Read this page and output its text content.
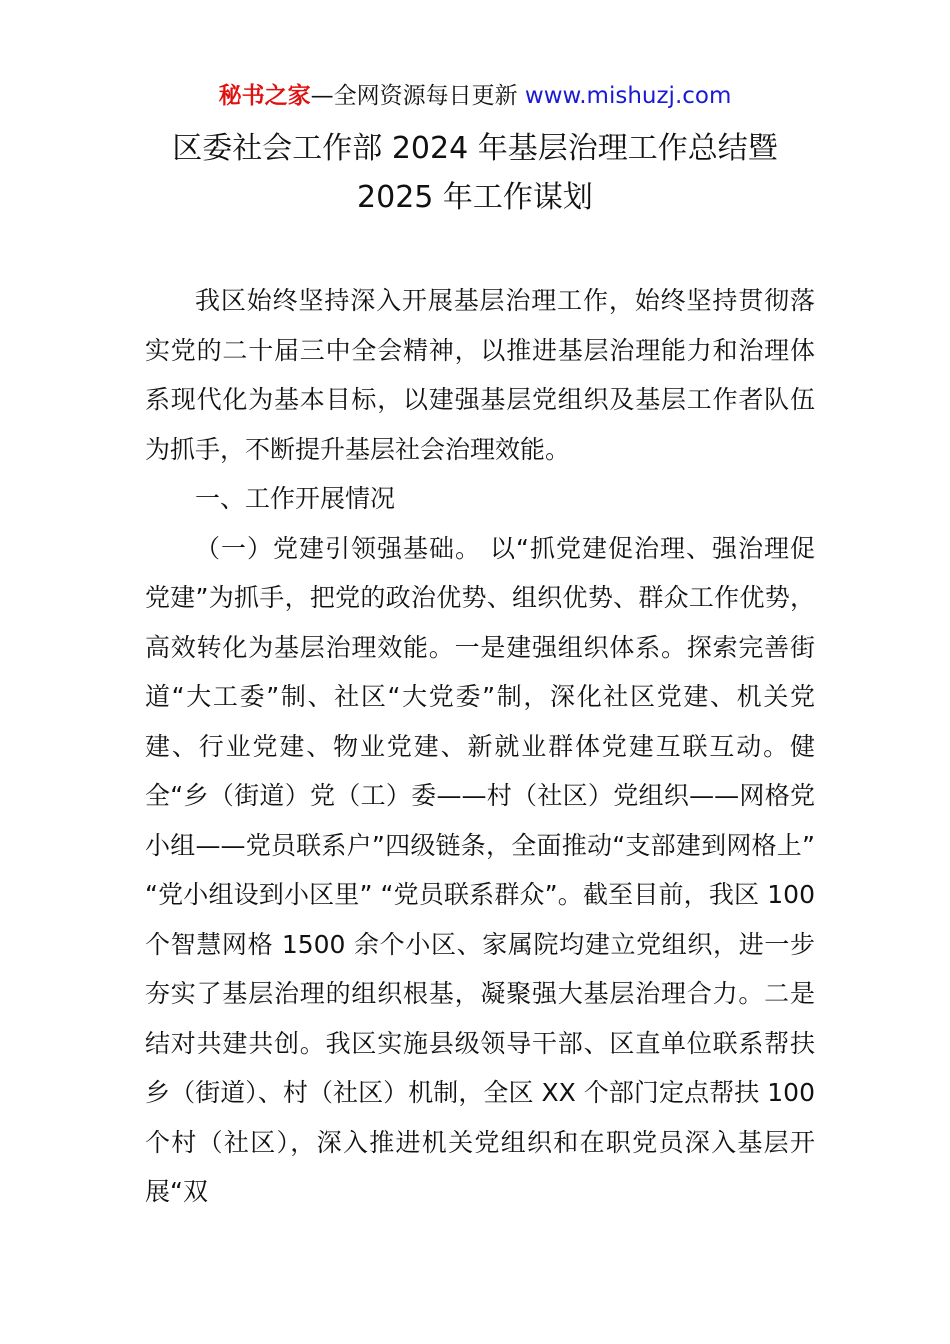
秘书之家—全网资源每日更新 www.mishuzj.com
区委社会工作部 2024 年基层治理工作总结暨
2025 年工作谋划

我区始终坚持深入开展基层治理工作，始终坚持贯彻落实党的二十届三中全会精神，以推进基层治理能力和治理体系现代化为基本目标，以建强基层党组织及基层工作者队伍为抓手，不断提升基层社会治理效能。

一、工作开展情况

（一）党建引领强基础。 以“抓党建促治理、强治理促党建”为抓手，把党的政治优势、组织优势、群众工作优势，高效转化为基层治理效能。一是建强组织体系。探索完善街道“大工委”制、社区“大党委”制，深化社区党建、机关党建、行业党建、物业党建、新就业群体党建互联互动。健全“乡（街道）党（工）委——村（社区）党组织——网格党小组——党员联系户”四级链条，全面推动“支部建到网格上” “党小组设到小区里” “党员联系群众”。截至目前，我区 100 个智慧网格 1500 余个小区、家属院均建立党组织，进一步夯实了基层治理的组织根基，凝聚强大基层治理合力。二是结对共建共创。我区实施县级领导干部、区直单位联系帮扶乡（街道）、村（社区）机制，全区 XX 个部门定点帮扶 100 个村（社区），深入推进机关党组织和在职党员深入基层开展“双
